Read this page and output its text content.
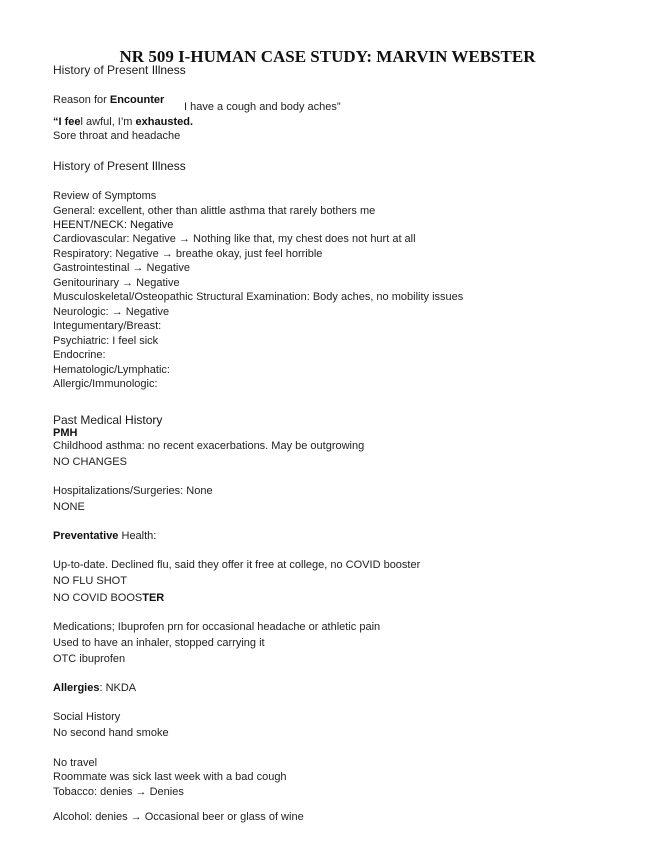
NR 509 I-HUMAN CASE STUDY: MARVIN WEBSTER
History of Present Illness
Reason for Encounter
I have a cough and body aches”
“I feel awful, I’m exhausted.
Sore throat and headache
History of Present Illness
Review of Symptoms
General: excellent, other than alittle asthma that rarely bothers me
HEENT/NECK: Negative
Cardiovascular: Negative → Nothing like that, my chest does not hurt at all
Respiratory: Negative → breathe okay, just feel horrible
Gastrointestinal → Negative
Genitourinary → Negative
Musculoskeletal/Osteopathic Structural Examination: Body aches, no mobility issues
Neurologic: → Negative
Integumentary/Breast:
Psychiatric: I feel sick
Endocrine:
Hematologic/Lymphatic:
Allergic/Immunologic:
Past Medical History
PMH
Childhood asthma: no recent exacerbations. May be outgrowing
NO CHANGES
Hospitalizations/Surgeries: None
NONE
Preventative Health:
Up-to-date. Declined flu, said they offer it free at college, no COVID booster
NO FLU SHOT
NO COVID BOOSTER
Medications; Ibuprofen prn for occasional headache or athletic pain
Used to have an inhaler, stopped carrying it
OTC ibuprofen
Allergies: NKDA
Social History
No second hand smoke
No travel
Roommate was sick last week with a bad cough
Tobacco: denies → Denies
Alcohol: denies → Occasional beer or glass of wine
